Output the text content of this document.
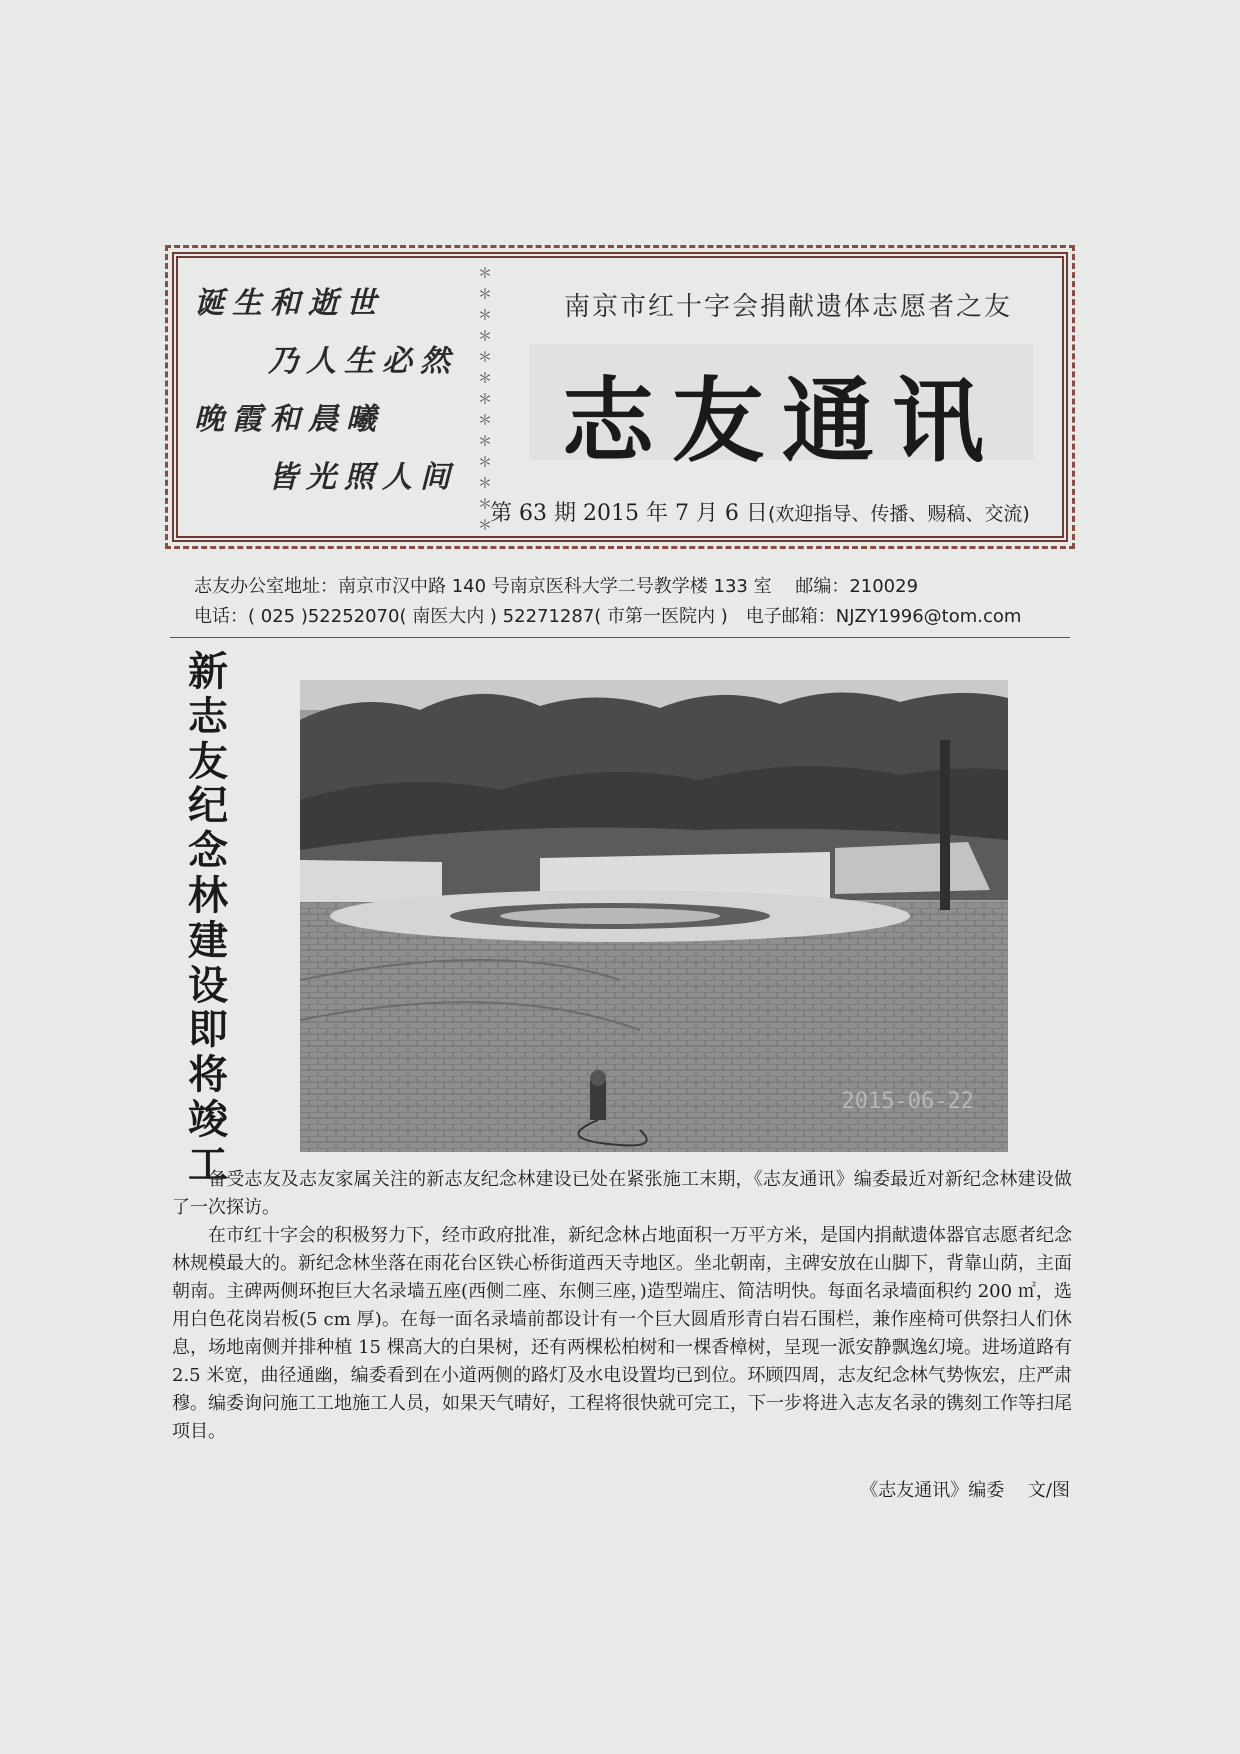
诞生和逝世
乃人生必然
晚霞和晨曦
皆光照人间
＊
＊
＊
＊
＊
＊
＊
＊
＊
＊
＊
＊
＊
南京市红十字会捐献遗体志愿者之友
志友通讯
第 63 期 2015 年 7 月 6 日(欢迎指导、传播、赐稿、交流)
志友办公室地址：南京市汉中路 140 号南京医科大学二号教学楼 133 室　 邮编：210029
电话：( 025 )52252070( 南医大内 ) 52271287( 市第一医院内 )　电子邮箱：NJZY1996@tom.com
新
志
友
纪
念
林
建
设
即
将
竣
工
2015-06-22

备受志友及志友家属关注的新志友纪念林建设已处在紧张施工末期，《志友通讯》编委最近对新纪念林建设做了一次探访。

在市红十字会的积极努力下，经市政府批准，新纪念林占地面积一万平方米，是国内捐献遗体器官志愿者纪念林规模最大的。新纪念林坐落在雨花台区铁心桥街道西天寺地区。坐北朝南，主碑安放在山脚下，背靠山荫，主面朝南。主碑两侧环抱巨大名录墙五座(西侧二座、东侧三座，)造型端庄、简洁明快。每面名录墙面积约 200 ㎡，选用白色花岗岩板(5 cm 厚)。在每一面名录墙前都设计有一个巨大圆盾形青白岩石围栏，兼作座椅可供祭扫人们休息，场地南侧并排种植 15 棵高大的白果树，还有两棵松柏树和一棵香樟树，呈现一派安静飘逸幻境。进场道路有 2.5 米宽，曲径通幽，编委看到在小道两侧的路灯及水电设置均已到位。环顾四周，志友纪念林气势恢宏，庄严肃穆。编委询问施工工地施工人员，如果天气晴好，工程将很快就可完工，下一步将进入志友名录的镌刻工作等扫尾项目。

《志友通讯》编委　 文/图
